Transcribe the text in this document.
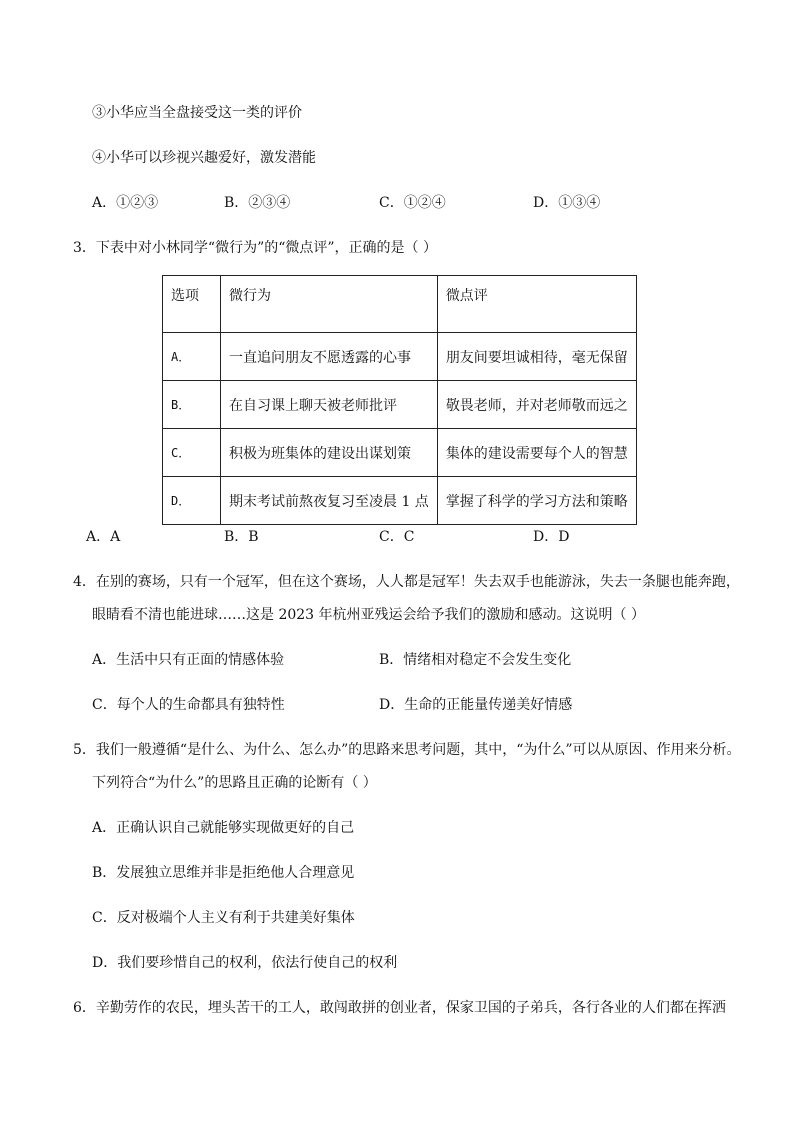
③小华应当全盘接受这一类的评价
④小华可以珍视兴趣爱好，激发潜能
A．①②③	B．②③④	C．①②④	D．①③④
3．下表中对小林同学“微行为”的“微点评”，正确的是（ ）
选项	微行为	微点评
A．	一直追问朋友不愿透露的心事	朋友间要坦诚相待，毫无保留
B．	在自习课上聊天被老师批评	敬畏老师，并对老师敬而远之
C．	积极为班集体的建设出谋划策	集体的建设需要每个人的智慧
D．	期末考试前熬夜复习至凌晨 1 点	掌握了科学的学习方法和策略
A．A	B．B	C．C	D．D
4．在别的赛场，只有一个冠军，但在这个赛场，人人都是冠军！失去双手也能游泳，失去一条腿也能奔跑，
眼睛看不清也能进球……这是 2023 年杭州亚残运会给予我们的激励和感动。这说明（ ）
A．生活中只有正面的情感体验	B．情绪相对稳定不会发生变化
C．每个人的生命都具有独特性	D．生命的正能量传递美好情感
5．我们一般遵循“是什么、为什么、怎么办”的思路来思考问题，其中，“为什么”可以从原因、作用来分析。
下列符合“为什么”的思路且正确的论断有（ ）
A．正确认识自己就能够实现做更好的自己
B．发展独立思维并非是拒绝他人合理意见
C．反对极端个人主义有利于共建美好集体
D．我们要珍惜自己的权利，依法行使自己的权利
6．辛勤劳作的农民，埋头苦干的工人，敢闯敢拼的创业者，保家卫国的子弟兵，各行各业的人们都在挥洒
